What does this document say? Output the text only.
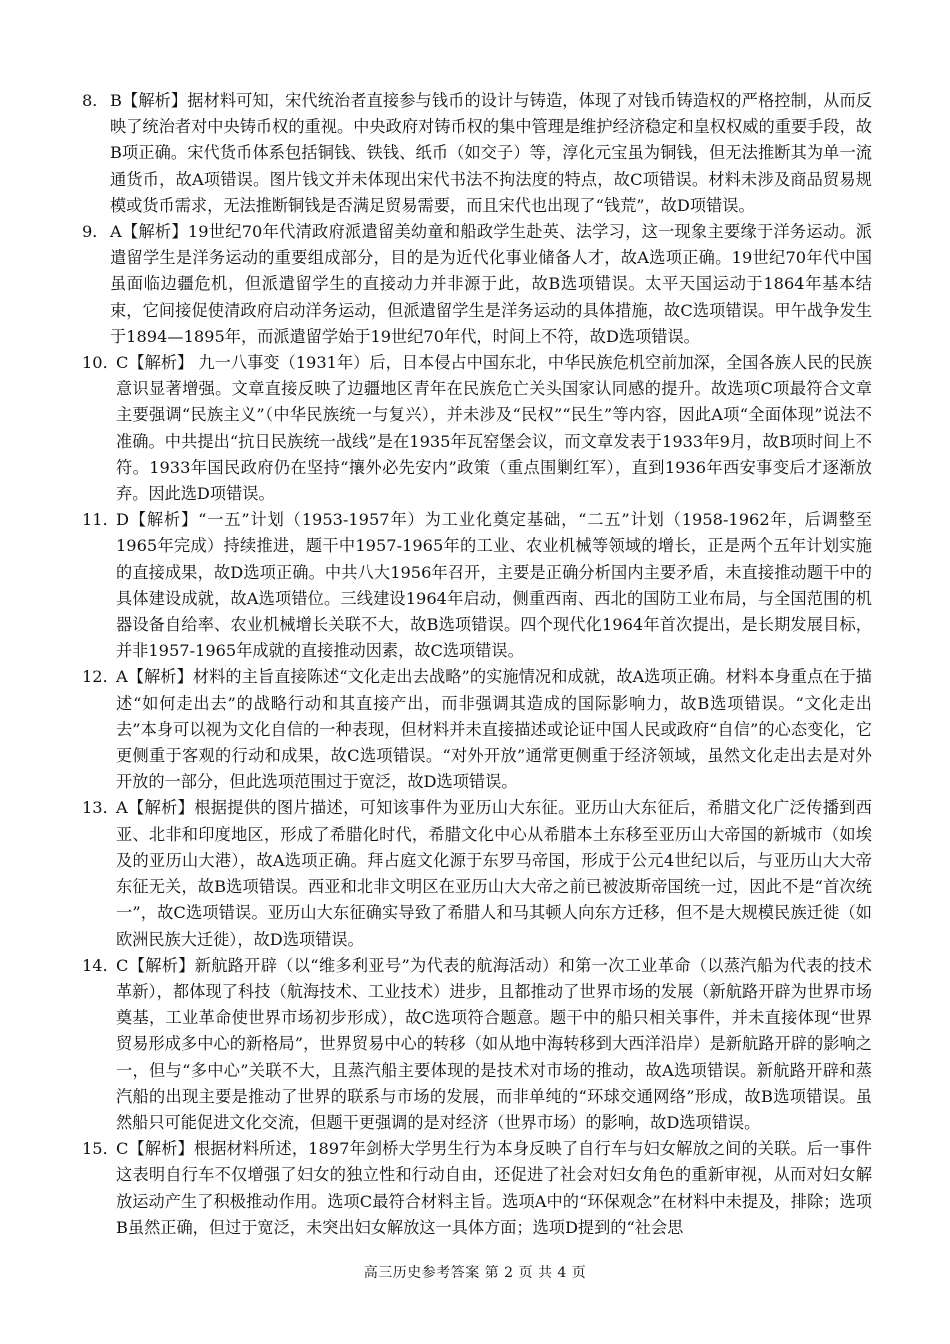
8． B【解析】据材料可知，宋代统治者直接参与钱币的设计与铸造，体现了对钱币铸造权的严格控制，从而反映了统治者对中央铸币权的重视。中央政府对铸币权的集中管理是维护经济稳定和皇权权威的重要手段，故B项正确。宋代货币体系包括铜钱、铁钱、纸币（如交子）等，淳化元宝虽为铜钱，但无法推断其为单一流通货币，故A项错误。图片钱文并未体现出宋代书法不拘法度的特点，故C项错误。材料未涉及商品贸易规模或货币需求，无法推断铜钱是否满足贸易需要，而且宋代也出现了“钱荒”，故D项错误。
9． A【解析】19世纪70年代清政府派遣留美幼童和船政学生赴英、法学习，这一现象主要缘于洋务运动。派遣留学生是洋务运动的重要组成部分，目的是为近代化事业储备人才，故A选项正确。19世纪70年代中国虽面临边疆危机，但派遣留学生的直接动力并非源于此，故B选项错误。太平天国运动于1864年基本结束，它间接促使清政府启动洋务运动，但派遣留学生是洋务运动的具体措施，故C选项错误。甲午战争发生于1894—1895年，而派遣留学始于19世纪70年代，时间上不符，故D选项错误。
10．
C【解析】 九一八事变（1931年）后，日本侵占中国东北，中华民族危机空前加深，全国各族人民的民族意识显著增强。文章直接反映了边疆地区青年在民族危亡关头国家认同感的提升。故选项C项最符合文章主要强调“民族主义”（中华民族统一与复兴），并未涉及“民权”“民生”等内容，因此A项“全面体现”说法不准确。中共提出“抗日民族统一战线”是在1935年瓦窑堡会议，而文章发表于1933年9月，故B项时间上不符。1933年国民政府仍在坚持“攘外必先安内”政策（重点围剿红军），直到1936年西安事变后才逐渐放弃。因此选D项错误。
11．
D【解析】“一五”计划（1953-1957年）为工业化奠定基础，“二五”计划（1958-1962年，后调整至1965年完成）持续推进，题干中1957-1965年的工业、农业机械等领域的增长，正是两个五年计划实施的直接成果，故D选项正确。中共八大1956年召开，主要是正确分析国内主要矛盾，未直接推动题干中的具体建设成就，故A选项错位。三线建设1964年启动，侧重西南、西北的国防工业布局，与全国范围的机器设备自给率、农业机械增长关联不大，故B选项错误。四个现代化1964年首次提出，是长期发展目标，并非1957-1965年成就的直接推动因素，故C选项错误。
12．
A【解析】材料的主旨直接陈述“文化走出去战略”的实施情况和成就，故A选项正确。材料本身重点在于描述“如何走出去”的战略行动和其直接产出，而非强调其造成的国际影响力，故B选项错误。“文化走出去”本身可以视为文化自信的一种表现，但材料并未直接描述或论证中国人民或政府“自信”的心态变化，它更侧重于客观的行动和成果，故C选项错误。“对外开放”通常更侧重于经济领域，虽然文化走出去是对外开放的一部分，但此选项范围过于宽泛，故D选项错误。
13．
A【解析】根据提供的图片描述，可知该事件为亚历山大东征。亚历山大东征后，希腊文化广泛传播到西亚、北非和印度地区，形成了希腊化时代，希腊文化中心从希腊本土东移至亚历山大帝国的新城市（如埃及的亚历山大港），故A选项正确。拜占庭文化源于东罗马帝国，形成于公元4世纪以后，与亚历山大大帝东征无关，故B选项错误。西亚和北非文明区在亚历山大大帝之前已被波斯帝国统一过，因此不是“首次统一”，故C选项错误。亚历山大东征确实导致了希腊人和马其顿人向东方迁移，但不是大规模民族迁徙（如欧洲民族大迁徙），故D选项错误。
14．
C【解析】新航路开辟（以“维多利亚号”为代表的航海活动）和第一次工业革命（以蒸汽船为代表的技术革新），都体现了科技（航海技术、工业技术）进步，且都推动了世界市场的发展（新航路开辟为世界市场奠基，工业革命使世界市场初步形成），故C选项符合题意。题干中的船只相关事件，并未直接体现“世界贸易形成多中心的新格局”，世界贸易中心的转移（如从地中海转移到大西洋沿岸）是新航路开辟的影响之一，但与“多中心”关联不大，且蒸汽船主要体现的是技术对市场的推动，故A选项错误。新航路开辟和蒸汽船的出现主要是推动了世界的联系与市场的发展，而非单纯的“环球交通网络”形成，故B选项错误。虽然船只可能促进文化交流，但题干更强调的是对经济（世界市场）的影响，故D选项错误。
15．
C【解析】根据材料所述，1897年剑桥大学男生行为本身反映了自行车与妇女解放之间的关联。后一事件这表明自行车不仅增强了妇女的独立性和行动自由，还促进了社会对妇女角色的重新审视，从而对妇女解放运动产生了积极推动作用。选项C最符合材料主旨。选项A中的“环保观念”在材料中未提及，排除；选项B虽然正确，但过于宽泛，未突出妇女解放这一具体方面；选项D提到的“社会思
高三历史参考答案 第 2 页 共 4 页
